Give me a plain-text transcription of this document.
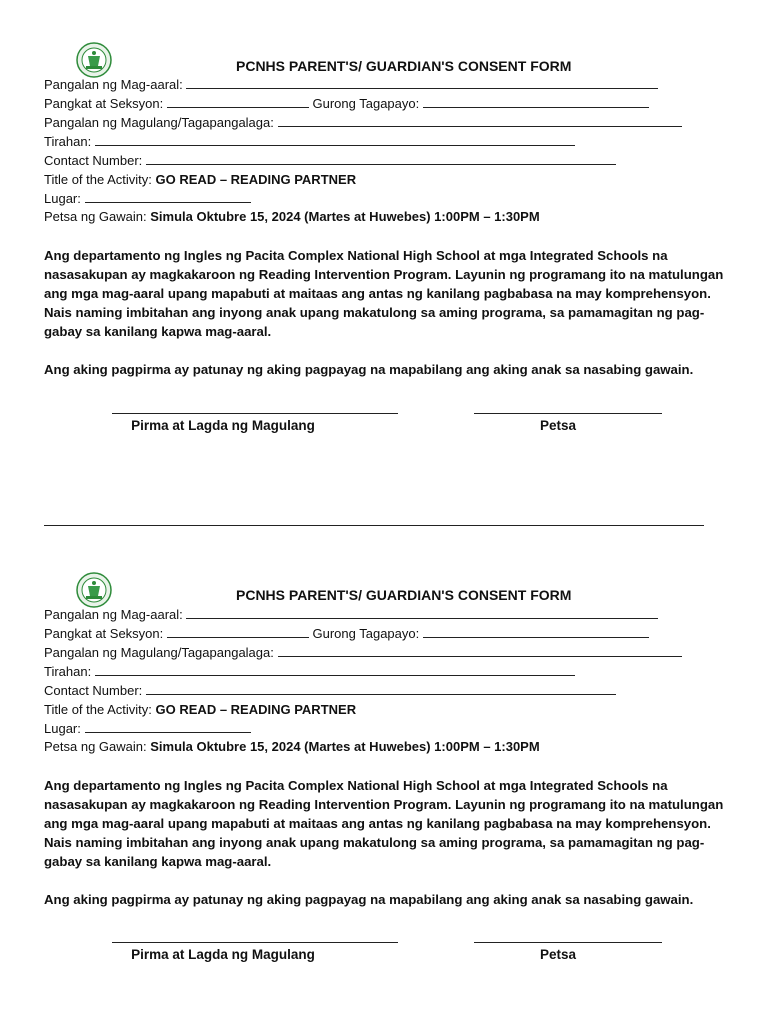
PCNHS PARENT'S/ GUARDIAN'S CONSENT FORM
Pangalan ng Mag-aaral:
Pangkat at Seksyon:	Gurong Tagapayo:
Pangalan ng Magulang/Tagapangalaga:
Tirahan:
Contact Number:
Title of the Activity: GO READ – READING PARTNER
Lugar:
Petsa ng Gawain: Simula Oktubre 15, 2024 (Martes at Huwebes) 1:00PM – 1:30PM
Ang departamento ng Ingles ng Pacita Complex National High School at mga Integrated Schools na
nasasakupan ay magkakaroon ng Reading Intervention Program. Layunin ng programang ito na matulungan
ang mga mag-aaral upang mapabuti at maitaas ang antas ng kanilang pagbabasa na may komprehensyon.
Nais naming imbitahan ang inyong anak upang makatulong sa aming programa, sa pamamagitan ng pag-
gabay sa kanilang kapwa mag-aaral.
Ang aking pagpirma ay patunay ng aking pagpayag na mapabilang ang aking anak sa nasabing gawain.
Pirma at Lagda ng Magulang	Petsa
PCNHS PARENT'S/ GUARDIAN'S CONSENT FORM
Pangalan ng Mag-aaral:
Pangkat at Seksyon:	Gurong Tagapayo:
Pangalan ng Magulang/Tagapangalaga:
Tirahan:
Contact Number:
Title of the Activity: GO READ – READING PARTNER
Lugar:
Petsa ng Gawain: Simula Oktubre 15, 2024 (Martes at Huwebes) 1:00PM – 1:30PM
Ang departamento ng Ingles ng Pacita Complex National High School at mga Integrated Schools na
nasasakupan ay magkakaroon ng Reading Intervention Program. Layunin ng programang ito na matulungan
ang mga mag-aaral upang mapabuti at maitaas ang antas ng kanilang pagbabasa na may komprehensyon.
Nais naming imbitahan ang inyong anak upang makatulong sa aming programa, sa pamamagitan ng pag-
gabay sa kanilang kapwa mag-aaral.
Ang aking pagpirma ay patunay ng aking pagpayag na mapabilang ang aking anak sa nasabing gawain.
Pirma at Lagda ng Magulang	Petsa
